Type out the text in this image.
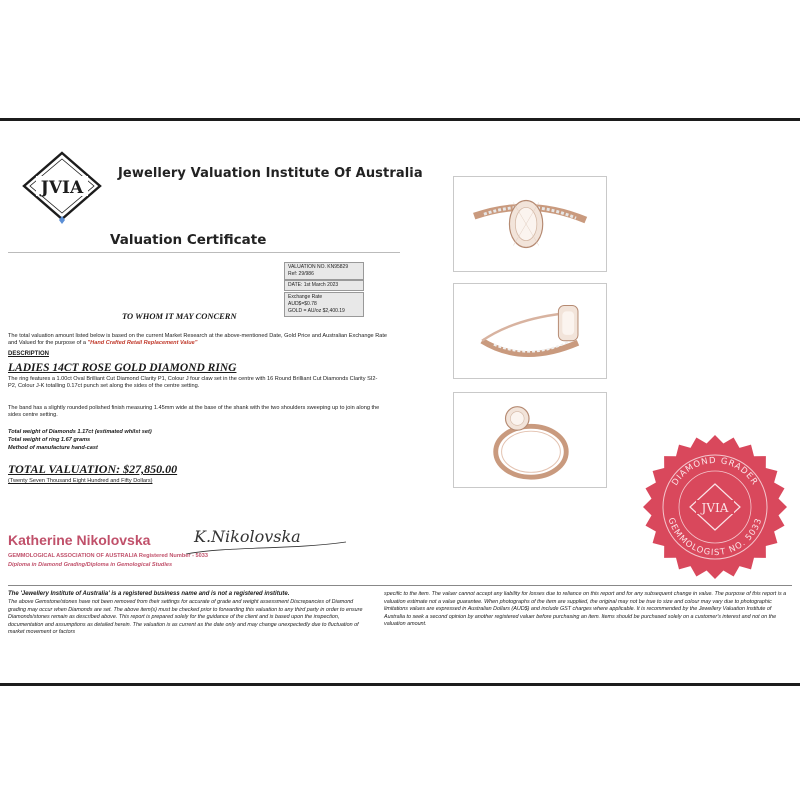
JVIA
Jewellery Valuation Institute Of Australia
Valuation Certificate
VALUATION NO. KN95829
Ref: 29/986
DATE: 1st March 2023
Exchange Rate
AUD$=$0.78
GOLD = AU/oz $2,400.19
TO WHOM IT MAY CONCERN
The total valuation amount listed below is based on the current Market Research at the above-mentioned Date, Gold Price and Australian Exchange Rate and Valued for the purpose of a "Hand Crafted Retail Replacement Value"
DESCRIPTION
LADIES 14CT ROSE GOLD DIAMOND RING
The ring features a 1.00ct Oval Brilliant Cut Diamond Clarity P1, Colour J four claw set in the centre with 16 Round Brilliant Cut Diamonds Clarity SI2-P2, Colour J-K totalling 0.17ct punch set along the sides of the centre setting.
The band has a slightly rounded polished finish measuring 1.45mm wide at the base of the shank with the two shoulders sweeping up to join along the sides centre setting.
Total weight of Diamonds 1.17ct (estimated whilst set)
Total weight of ring 1.67 grams
Method of manufacture hand-cast
TOTAL VALUATION: $27,850.00
(Twenty Seven Thousand Eight Hundred and Fifty Dollars)
Katherine Nikolovska	K.Nikolovska
GEMMOLOGICAL ASSOCIATION OF AUSTRALIA Registered Number - 5033
Diploma in Diamond Grading/Diploma in Gemological Studies
DIAMOND GRADER
GEMMOLOGIST NO. 5033
JVIA
The 'Jewellery Institute of Australia' is a registered business name and is not a registered institute.
The above Gemstone/stones have not been removed from their settings for accurate of grade and weight assessment Discrepancies of Diamond grading may occur when Diamonds are set. The above item(s) must be checked prior to forwarding this valuation to any third party in order to ensure Diamonds/stones remain as described above. This report is prepared solely for the guidance of the client and is based upon the inspection, documentation and assumptions as detailed herein. The valuation is as current as the date only and may change unexpectedly due to fluctuation of market movement or factors
specific to the item. The valuer cannot accept any liability for losses due to reliance on this report and for any subsequent change in value. The purpose of this report is a valuation estimate not a value guarantee. When photographs of the item are supplied, the original may not be true to size and colour may vary due to photographic limitations values are expressed in Australian Dollars (AUD$) and include GST charges where applicable. It is recommended by the Jewellery Valuation Institute of Australia to seek a second opinion by another registered valuer before purchasing an item. Items should be purchased solely on a customer's interest and not on the valuation amount.
